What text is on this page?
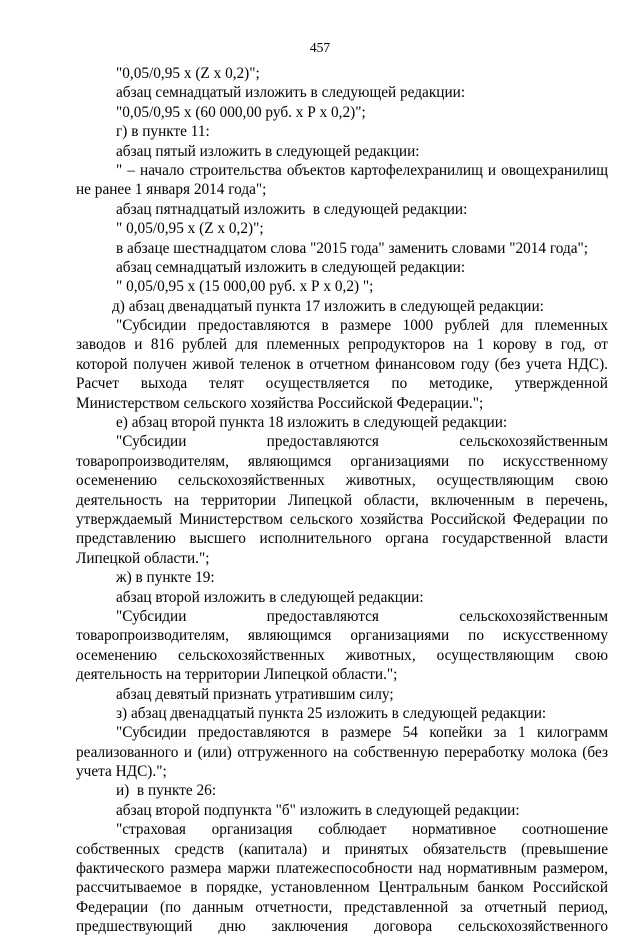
457
"0,05/0,95 х (Z х 0,2)";
абзац семнадцатый изложить в следующей редакции:
"0,05/0,95 х (60 000,00 руб. х Р х 0,2)";
г) в пункте 11:
абзац пятый изложить в следующей редакции:
" – начало строительства объектов картофелехранилищ и овощехранилищ
не ранее 1 января 2014 года";
абзац пятнадцатый изложить  в следующей редакции:
" 0,05/0,95 х (Z х 0,2)";
в абзаце шестнадцатом слова "2015 года" заменить словами "2014 года";
абзац семнадцатый изложить в следующей редакции:
" 0,05/0,95 х (15 000,00 руб. х Р х 0,2) ";
д) абзац двенадцатый пункта 17 изложить в следующей редакции:
"Субсидии предоставляются в размере 1000 рублей для племенных
заводов и 816 рублей для племенных репродукторов на 1 корову в год, от
которой получен живой теленок в отчетном финансовом году (без учета НДС).
Расчет выхода телят осуществляется по методике, утвержденной
Министерством сельского хозяйства Российской Федерации.";
е) абзац второй пункта 18 изложить в следующей редакции:
"Субсидии предоставляются сельскохозяйственным
товаропроизводителям, являющимся организациями по искусственному
осеменению сельскохозяйственных животных, осуществляющим свою
деятельность на территории Липецкой области, включенным в перечень,
утверждаемый Министерством сельского хозяйства Российской Федерации по
представлению высшего исполнительного органа государственной власти
Липецкой области.";
ж) в пункте 19:
абзац второй изложить в следующей редакции:
"Субсидии предоставляются сельскохозяйственным
товаропроизводителям, являющимся организациями по искусственному
осеменению сельскохозяйственных животных, осуществляющим свою
деятельность на территории Липецкой области.";
абзац девятый признать утратившим силу;
з) абзац двенадцатый пункта 25 изложить в следующей редакции:
"Субсидии предоставляются в размере 54 копейки за 1 килограмм
реализованного и (или) отгруженного на собственную переработку молока (без
учета НДС).";
и)  в пункте 26:
абзац второй подпункта "б" изложить в следующей редакции:
"страховая организация соблюдает нормативное соотношение
собственных средств (капитала) и принятых обязательств (превышение
фактического размера маржи платежеспособности над нормативным размером,
рассчитываемое в порядке, установленном Центральным банком Российской
Федерации (по данным отчетности, представленной за отчетный период,
предшествующий дню заключения договора сельскохозяйственного
